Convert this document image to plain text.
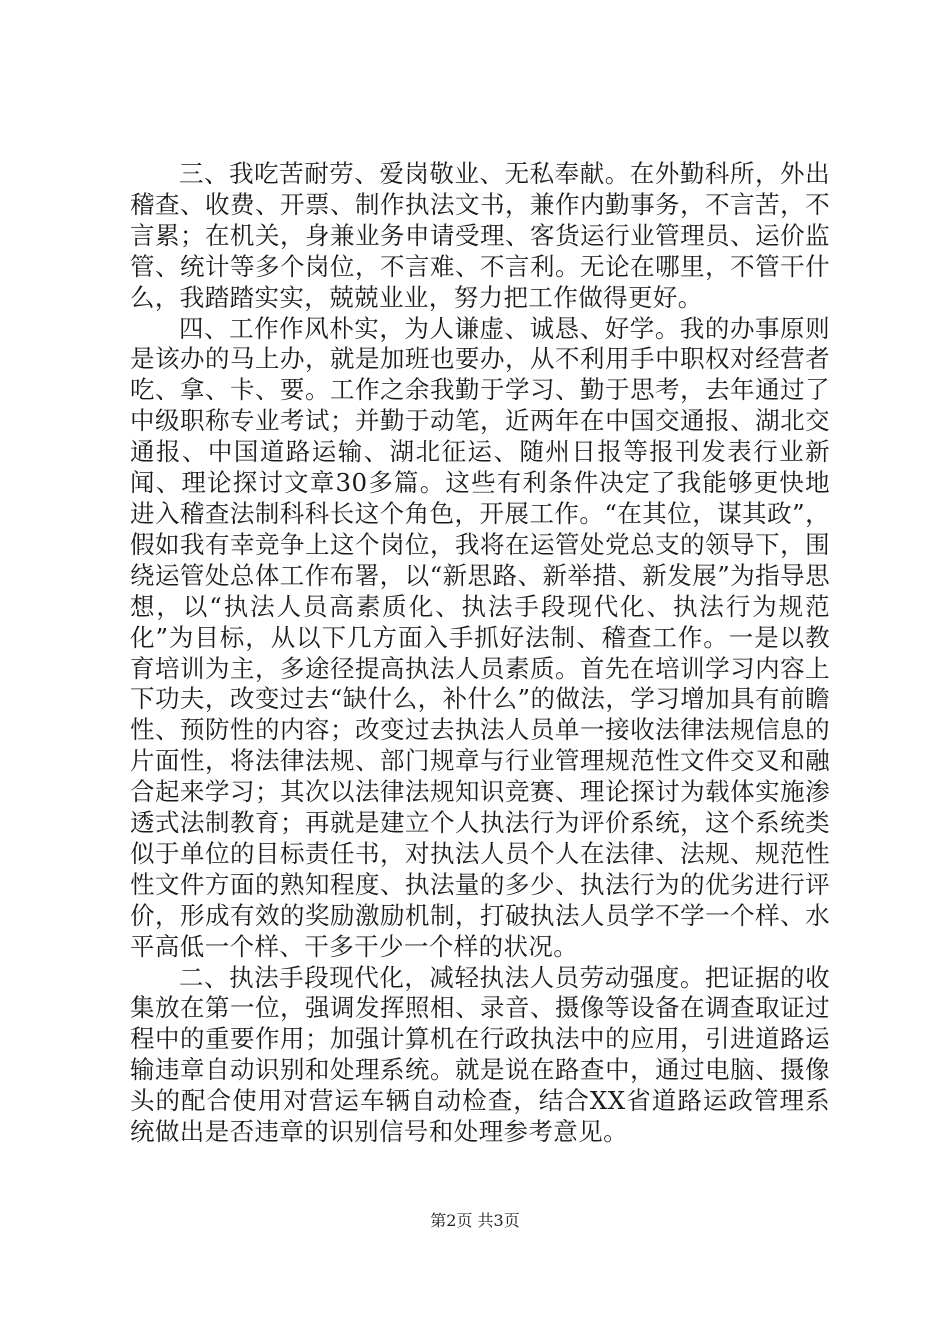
三、我吃苦耐劳、爱岗敬业、无私奉献。在外勤科所，外出稽查、收费、开票、制作执法文书，兼作内勤事务，不言苦，不言累；在机关，身兼业务申请受理、客货运行业管理员、运价监管、统计等多个岗位，不言难、不言利。无论在哪里，不管干什么，我踏踏实实，兢兢业业，努力把工作做得更好。

四、工作作风朴实，为人谦虚、诚恳、好学。我的办事原则是该办的马上办，就是加班也要办，从不利用手中职权对经营者吃、拿、卡、要。工作之余我勤于学习、勤于思考，去年通过了中级职称专业考试；并勤于动笔，近两年在中国交通报、湖北交通报、中国道路运输、湖北征运、随州日报等报刊发表行业新闻、理论探讨文章30多篇。这些有利条件决定了我能够更快地进入稽查法制科科长这个角色，开展工作。“在其位，谋其政”，假如我有幸竞争上这个岗位，我将在运管处党总支的领导下，围绕运管处总体工作布署，以“新思路、新举措、新发展”为指导思想，以“执法人员高素质化、执法手段现代化、执法行为规范化”为目标，从以下几方面入手抓好法制、稽查工作。一是以教育培训为主，多途径提高执法人员素质。首先在培训学习内容上下功夫，改变过去“缺什么，补什么”的做法，学习增加具有前瞻性、预防性的内容；改变过去执法人员单一接收法律法规信息的片面性，将法律法规、部门规章与行业管理规范性文件交叉和融合起来学习；其次以法律法规知识竞赛、理论探讨为载体实施渗透式法制教育；再就是建立个人执法行为评价系统，这个系统类似于单位的目标责任书，对执法人员个人在法律、法规、规范性性文件方面的熟知程度、执法量的多少、执法行为的优劣进行评价，形成有效的奖励激励机制，打破执法人员学不学一个样、水平高低一个样、干多干少一个样的状况。

二、执法手段现代化，减轻执法人员劳动强度。把证据的收集放在第一位，强调发挥照相、录音、摄像等设备在调查取证过程中的重要作用；加强计算机在行政执法中的应用，引进道路运输违章自动识别和处理系统。就是说在路查中，通过电脑、摄像头的配合使用对营运车辆自动检查，结合XX省道路运政管理系统做出是否违章的识别信号和处理参考意见。

第2页 共3页
